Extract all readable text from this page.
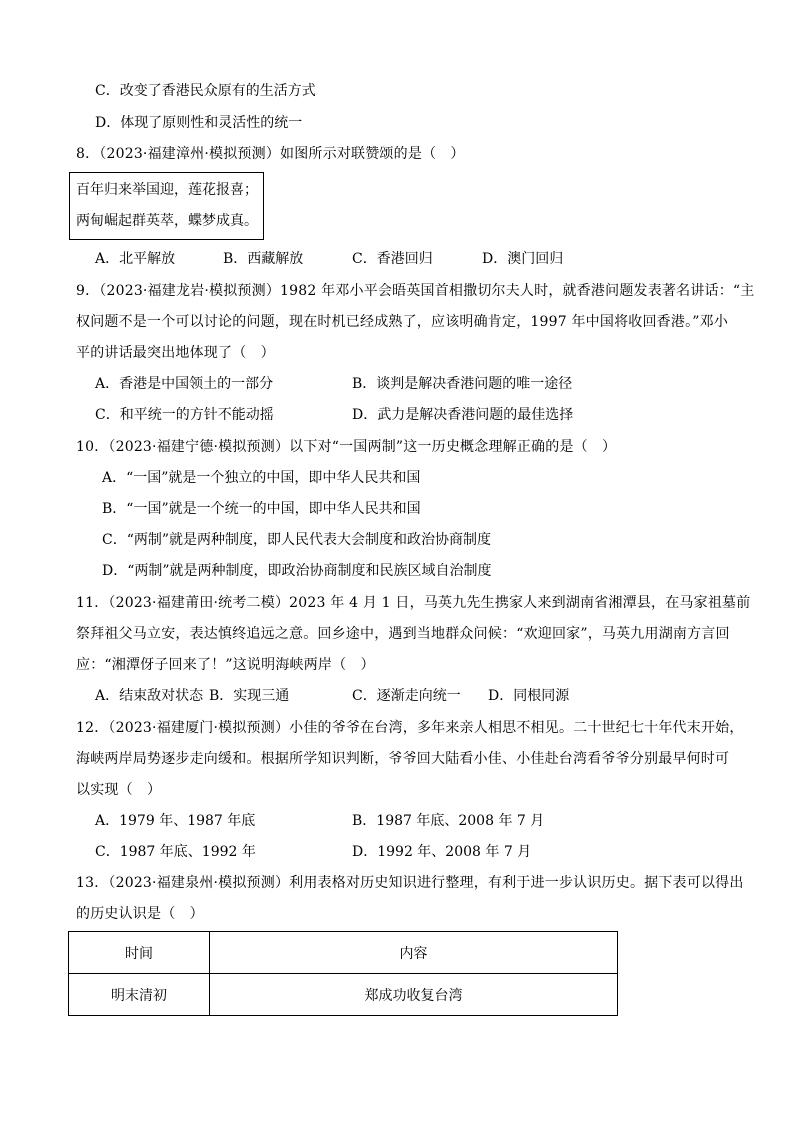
C．改变了香港民众原有的生活方式
D．体现了原则性和灵活性的统一
8．（2023·福建漳州·模拟预测）如图所示对联赞颂的是（　）
百年归来举国迎，莲花报喜；
两甸崛起群英萃，蝶梦成真。
A．北平解放	B．西藏解放	C．香港回归	D．澳门回归
9．（2023·福建龙岩·模拟预测）1982 年邓小平会晤英国首相撒切尔夫人时，就香港问题发表著名讲话：“主
权问题不是一个可以讨论的问题，现在时机已经成熟了，应该明确肯定，1997 年中国将收回香港。”邓小
平的讲话最突出地体现了（　）
A．香港是中国领土的一部分	B．谈判是解决香港问题的唯一途径
C．和平统一的方针不能动摇	D．武力是解决香港问题的最佳选择
10．（2023·福建宁德·模拟预测）以下对“一国两制”这一历史概念理解正确的是（　）
A．“一国”就是一个独立的中国，即中华人民共和国
B．“一国”就是一个统一的中国，即中华人民共和国
C．“两制”就是两种制度，即人民代表大会制度和政治协商制度
D．“两制”就是两种制度，即政治协商制度和民族区域自治制度
11．（2023·福建莆田·统考二模）2023 年 4 月 1 日，马英九先生携家人来到湖南省湘潭县，在马家祖墓前
祭拜祖父马立安，表达慎终追远之意。回乡途中，遇到当地群众问候：“欢迎回家”，马英九用湖南方言回
应：“湘潭伢子回来了！”这说明海峡两岸（　）
A．结束敌对状态 B．实现三通	C．逐渐走向统一 D．同根同源
12．（2023·福建厦门·模拟预测）小佳的爷爷在台湾，多年来亲人相思不相见。二十世纪七十年代末开始，
海峡两岸局势逐步走向缓和。根据所学知识判断，爷爷回大陆看小佳、小佳赴台湾看爷爷分别最早何时可
以实现（　）
A．1979 年、1987 年底	B．1987 年底、2008 年 7 月
C．1987 年底、1992 年	D．1992 年、2008 年 7 月
13．（2023·福建泉州·模拟预测）利用表格对历史知识进行整理，有利于进一步认识历史。据下表可以得出
的历史认识是（　）
时间	内容
明末清初	郑成功收复台湾
